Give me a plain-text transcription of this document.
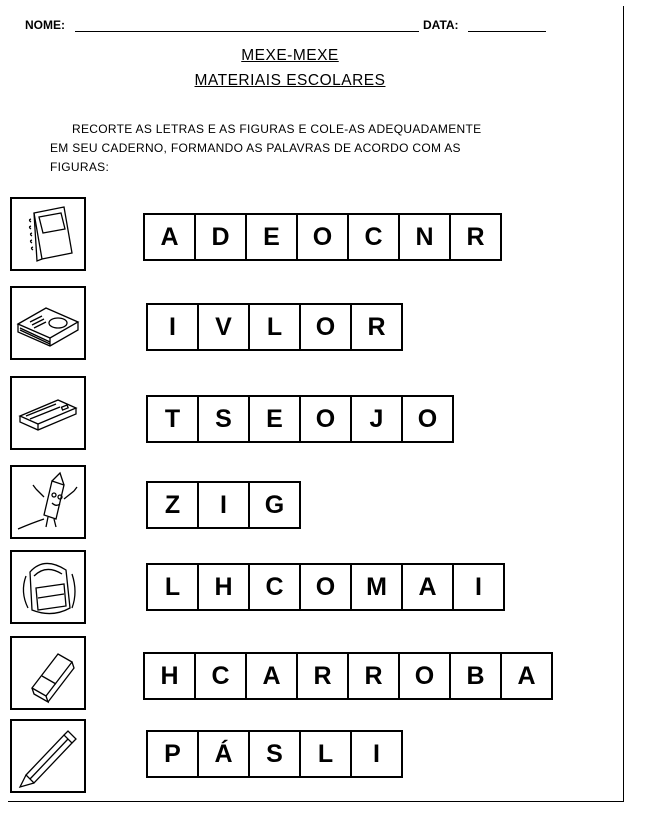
NOME:	DATA:
MEXE-MEXE
MATERIAIS ESCOLARES
RECORTE AS LETRAS E AS FIGURAS E COLE-AS ADEQUADAMENTE
EM SEU CADERNO, FORMANDO AS PALAVRAS DE ACORDO COM AS
FIGURAS:
A	D	E	O	C	N	R
I	V	L	O	R
T	S	E	O	J	O
Z	I	G
L	H	C	O	M	A	I
H	C	A	R	R	O	B	A
P	Á	S	L	I
